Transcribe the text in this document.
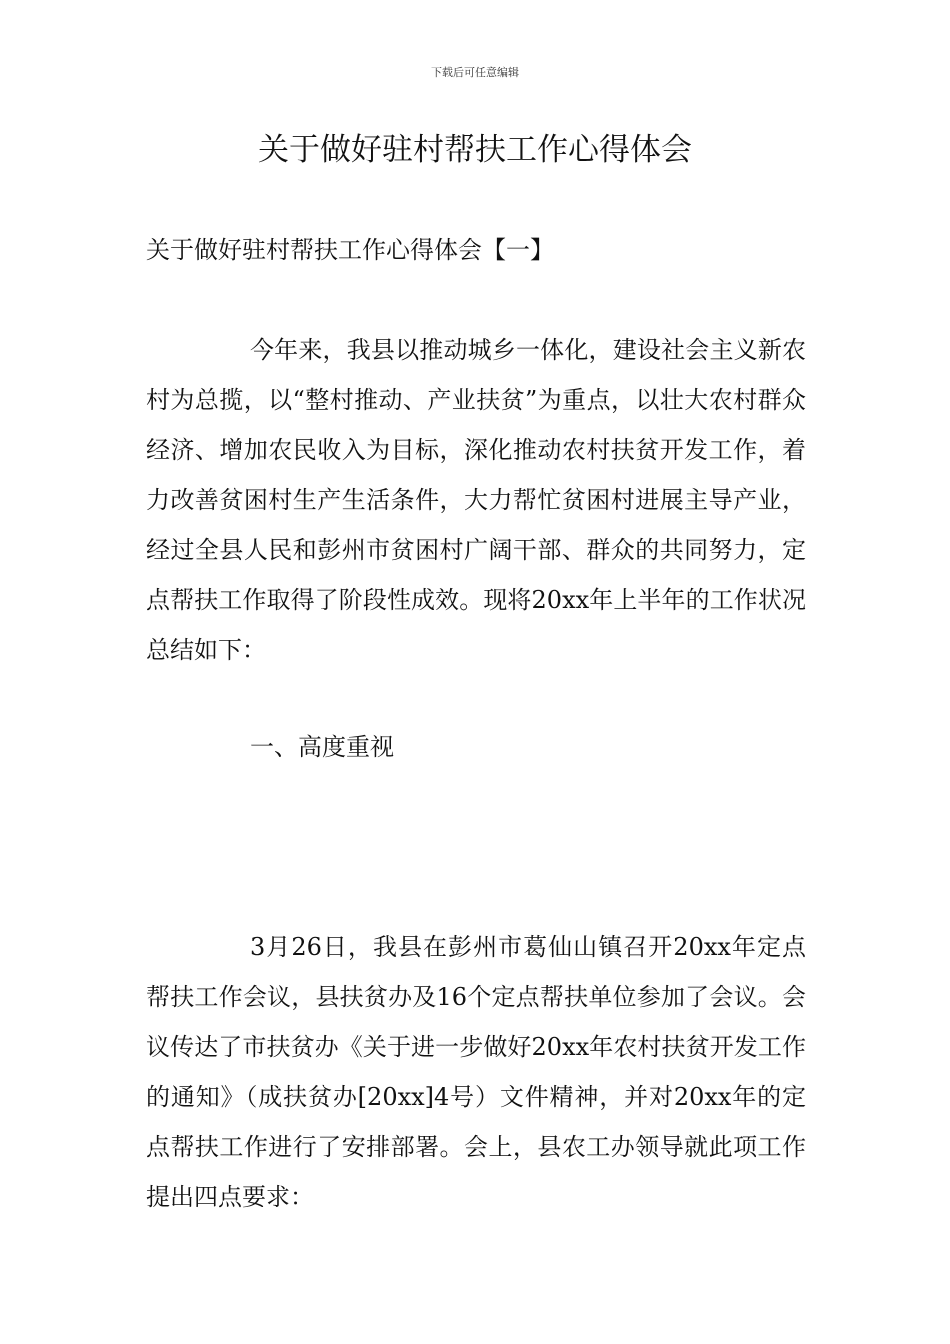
下载后可任意编辑
关于做好驻村帮扶工作心得体会

关于做好驻村帮扶工作心得体会【一】

今年来，我县以推动城乡一体化，建设社会主义新农村为总揽，以“整村推动、产业扶贫”为重点，以壮大农村群众经济、增加农民收入为目标，深化推动农村扶贫开发工作，着力改善贫困村生产生活条件，大力帮忙贫困村进展主导产业，经过全县人民和彭州市贫困村广阔干部、群众的共同努力，定点帮扶工作取得了阶段性成效。现将20xx年上半年的工作状况总结如下：

一、高度重视

3月26日，我县在彭州市葛仙山镇召开20xx年定点帮扶工作会议，县扶贫办及16个定点帮扶单位参加了会议。会议传达了市扶贫办《关于进一步做好20xx年农村扶贫开发工作的通知》（成扶贫办[20xx]4号）文件精神，并对20xx年的定点帮扶工作进行了安排部署。会上，县农工办领导就此项工作提出四点要求：
